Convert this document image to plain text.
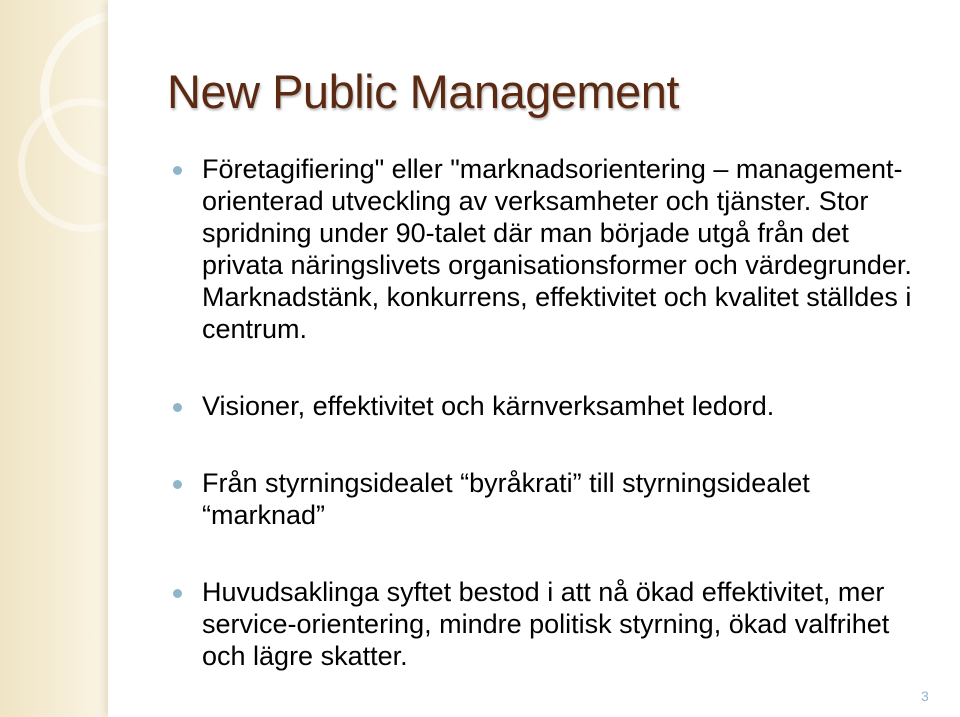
New Public Management
Företagifiering" eller "marknadsorientering – management-orienterad utveckling av verksamheter och tjänster. Stor spridning under 90-talet där man började utgå från det privata näringslivets organisationsformer och värdegrunder. Marknadstänk, konkurrens, effektivitet och kvalitet ställdes i centrum.
Visioner, effektivitet och kärnverksamhet ledord.
Från styrningsidealet “byråkrati” till styrningsidealet “marknad”
Huvudsaklinga syftet bestod i att nå ökad effektivitet, mer service-orientering, mindre politisk styrning, ökad valfrihet och lägre skatter.
3
